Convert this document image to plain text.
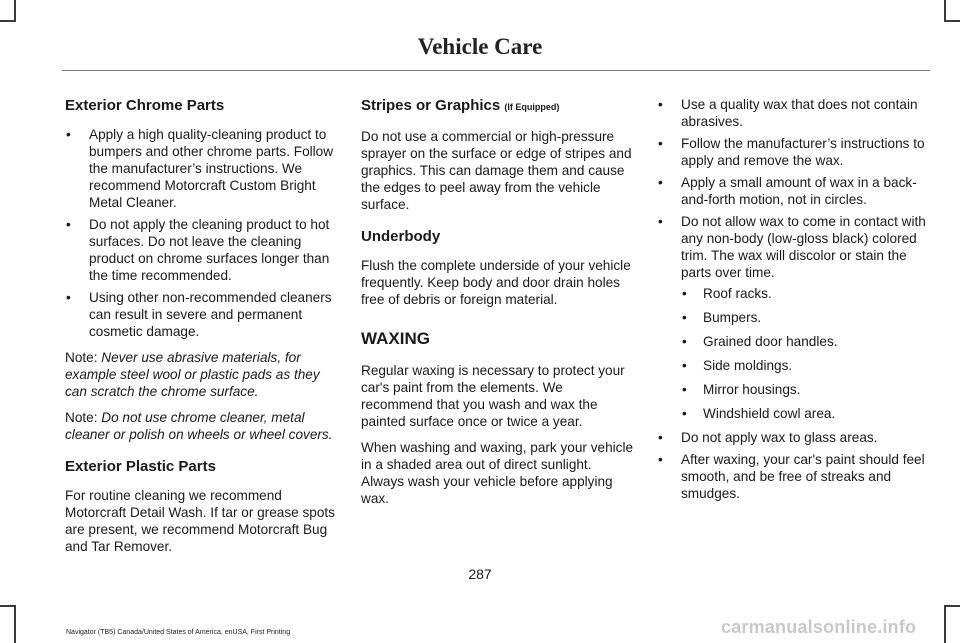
Vehicle Care
Exterior Chrome Parts
• Apply a high quality-cleaning product to bumpers and other chrome parts. Follow the manufacturer’s instructions. We recommend Motorcraft Custom Bright Metal Cleaner.
• Do not apply the cleaning product to hot surfaces. Do not leave the cleaning product on chrome surfaces longer than the time recommended.
• Using other non-recommended cleaners can result in severe and permanent cosmetic damage.

Note: Never use abrasive materials, for example steel wool or plastic pads as they can scratch the chrome surface.

Note: Do not use chrome cleaner, metal cleaner or polish on wheels or wheel covers.

Exterior Plastic Parts

For routine cleaning we recommend Motorcraft Detail Wash. If tar or grease spots are present, we recommend Motorcraft Bug and Tar Remover.

Stripes or Graphics (If Equipped)

Do not use a commercial or high-pressure sprayer on the surface or edge of stripes and graphics. This can damage them and cause the edges to peel away from the vehicle surface.

Underbody

Flush the complete underside of your vehicle frequently. Keep body and door drain holes free of debris or foreign material.

WAXING

Regular waxing is necessary to protect your car's paint from the elements. We recommend that you wash and wax the painted surface once or twice a year.

When washing and waxing, park your vehicle in a shaded area out of direct sunlight. Always wash your vehicle before applying wax.

• Use a quality wax that does not contain abrasives.
• Follow the manufacturer’s instructions to apply and remove the wax.
• Apply a small amount of wax in a back-and-forth motion, not in circles.
• Do not allow wax to come in contact with any non-body (low-gloss black) colored trim. The wax will discolor or stain the parts over time.
• Roof racks.
• Bumpers.
• Grained door handles.
• Side moldings.
• Mirror housings.
• Windshield cowl area.
• Do not apply wax to glass areas.
• After waxing, your car's paint should feel smooth, and be free of streaks and smudges.
287
Navigator (TB5) Canada/United States of America, enUSA, First Printing	carmanualsonline.info
